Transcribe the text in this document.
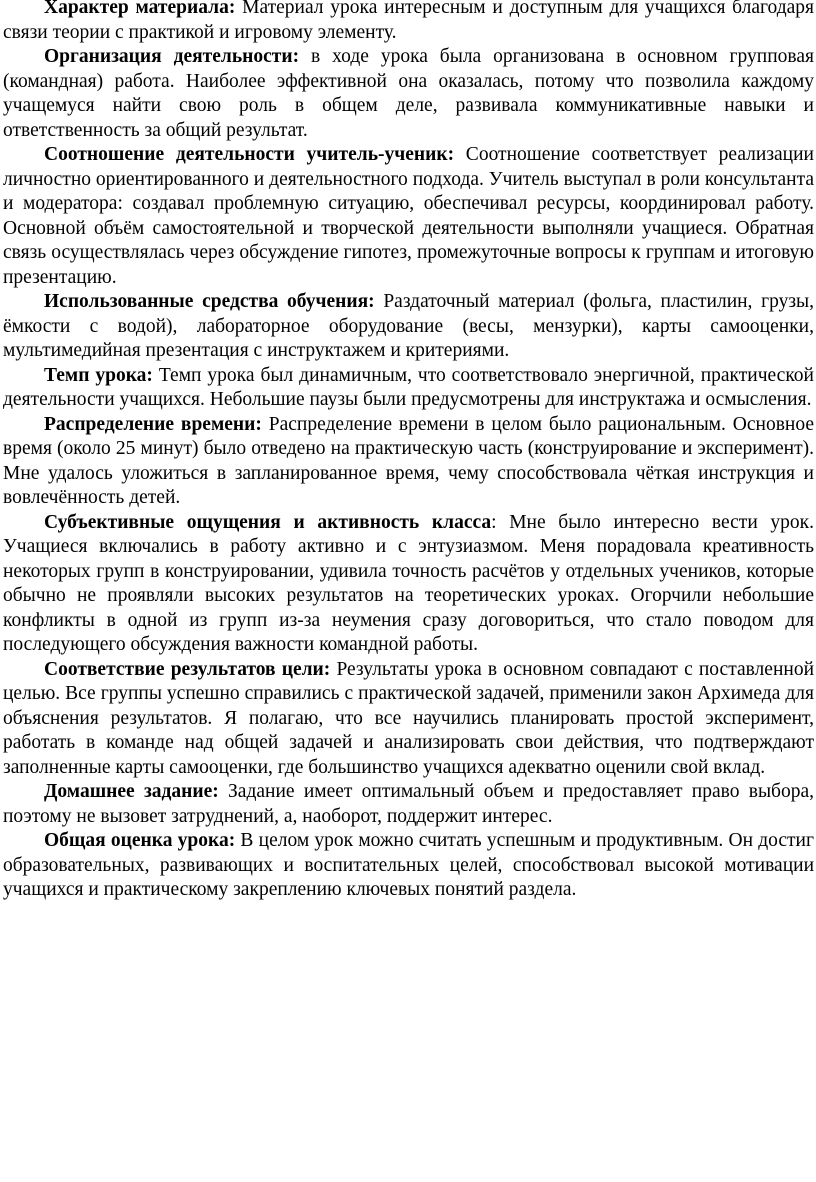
Характер материала: Материал урока интересным и доступным для учащихся благодаря связи теории с практикой и игровому элементу.

Организация деятельности: в ходе урока была организована в основном групповая (командная) работа. Наиболее эффективной она оказалась, потому что позволила каждому учащемуся найти свою роль в общем деле, развивала коммуникативные навыки и ответственность за общий результат.

Соотношение деятельности учитель-ученик: Соотношение соответствует реализации личностно ориентированного и деятельностного подхода. Учитель выступал в роли консультанта и модератора: создавал проблемную ситуацию, обеспечивал ресурсы, координировал работу. Основной объём самостоятельной и творческой деятельности выполняли учащиеся. Обратная связь осуществлялась через обсуждение гипотез, промежуточные вопросы к группам и итоговую презентацию.

Использованные средства обучения: Раздаточный материал (фольга, пластилин, грузы, ёмкости с водой), лабораторное оборудование (весы, мензурки), карты самооценки, мультимедийная презентация с инструктажем и критериями.

Темп урока: Темп урока был динамичным, что соответствовало энергичной, практической деятельности учащихся. Небольшие паузы были предусмотрены для инструктажа и осмысления.

Распределение времени: Распределение времени в целом было рациональным. Основное время (около 25 минут) было отведено на практическую часть (конструирование и эксперимент). Мне удалось уложиться в запланированное время, чему способствовала чёткая инструкция и вовлечённость детей.

Субъективные ощущения и активность класса: Мне было интересно вести урок. Учащиеся включались в работу активно и с энтузиазмом. Меня порадовала креативность некоторых групп в конструировании, удивила точность расчётов у отдельных учеников, которые обычно не проявляли высоких результатов на теоретических уроках. Огорчили небольшие конфликты в одной из групп из-за неумения сразу договориться, что стало поводом для последующего обсуждения важности командной работы.

Соответствие результатов цели: Результаты урока в основном совпадают с поставленной целью. Все группы успешно справились с практической задачей, применили закон Архимеда для объяснения результатов. Я полагаю, что все научились планировать простой эксперимент, работать в команде над общей задачей и анализировать свои действия, что подтверждают заполненные карты самооценки, где большинство учащихся адекватно оценили свой вклад.

Домашнее задание: Задание имеет оптимальный объем и предоставляет право выбора, поэтому не вызовет затруднений, а, наоборот, поддержит интерес.

Общая оценка урока: В целом урок можно считать успешным и продуктивным. Он достиг образовательных, развивающих и воспитательных целей, способствовал высокой мотивации учащихся и практическому закреплению ключевых понятий раздела.
